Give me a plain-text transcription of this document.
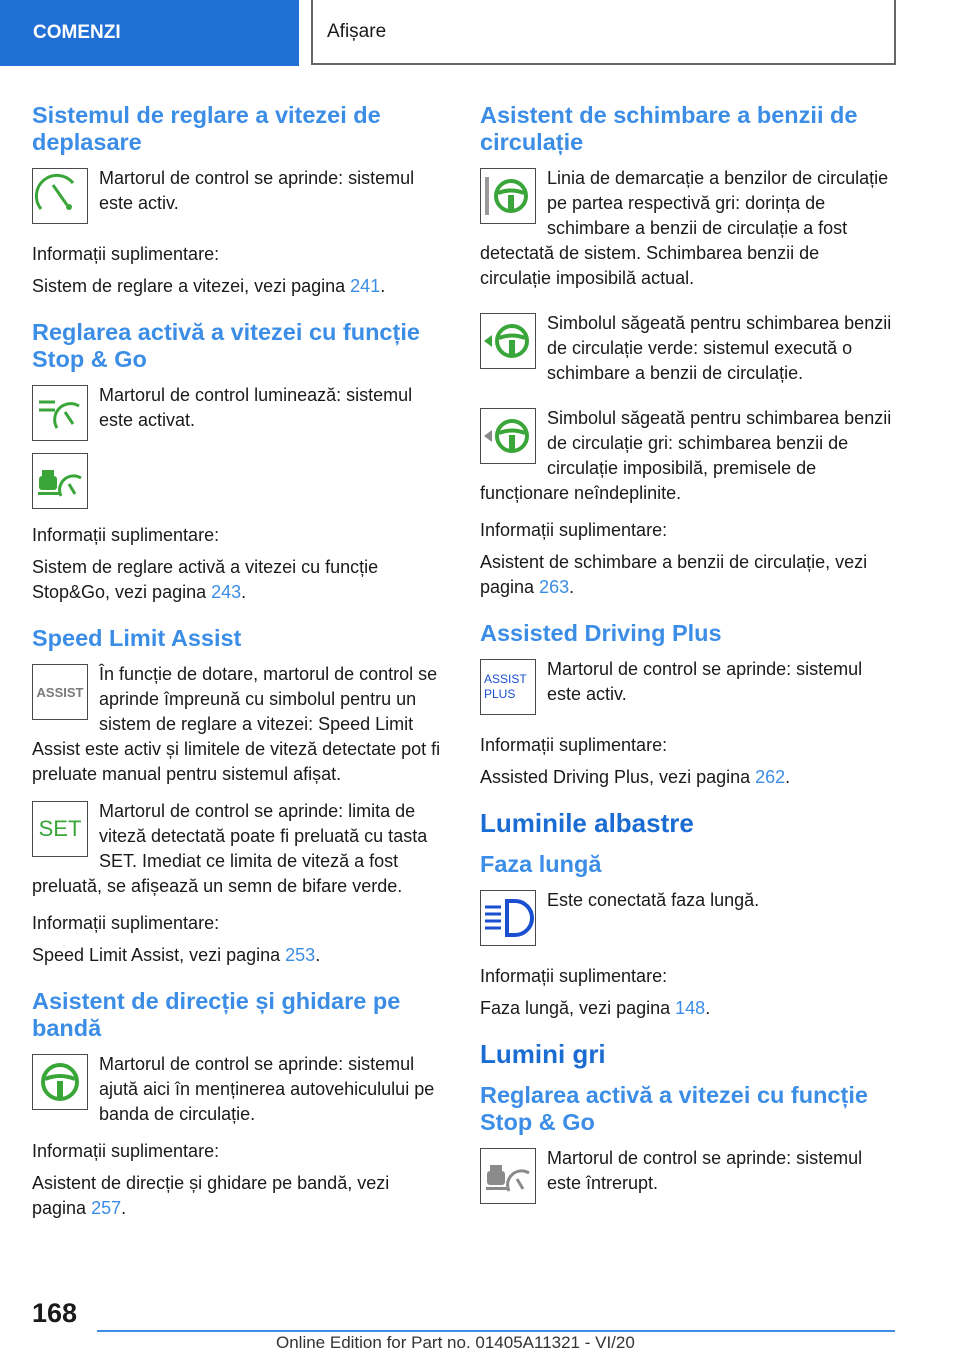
COMENZI	Afișare
Sistemul de reglare a vitezei de deplasare

Martorul de control se aprinde: sistemul este activ.

Informații suplimentare:

Sistem de reglare a vitezei, vezi pagina 241.

Reglarea activă a vitezei cu funcție Stop & Go

Martorul de control luminează: sistemul este activat.

Informații suplimentare:

Sistem de reglare activă a vitezei cu funcție Stop&Go, vezi pagina 243.

Speed Limit Assist
ASSIST

În funcție de dotare, martorul de control se aprinde împreună cu simbolul pentru un sistem de reglare a vitezei: Speed Limit Assist este activ și limitele de viteză detectate pot fi preluate manual pentru sistemul afișat.

SET

Martorul de control se aprinde: limita de viteză detectată poate fi preluată cu tasta SET. Imediat ce limita de viteză a fost preluată, se afișează un semn de bifare verde.

Informații suplimentare:

Speed Limit Assist, vezi pagina 253.

Asistent de direcție și ghidare pe bandă

Martorul de control se aprinde: sistemul ajută aici în menținerea autovehiculului pe banda de circulație.

Informații suplimentare:

Asistent de direcție și ghidare pe bandă, vezi pagina 257.

Asistent de schimbare a benzii de circulație

Linia de demarcație a benzilor de circulație pe partea respectivă gri: dorința de schimbare a benzii de circulație a fost detectată de sistem. Schimbarea benzii de circulație imposibilă actual.

Simbolul săgeată pentru schimbarea benzii de circulație verde: sistemul execută o schimbare a benzii de circulație.

Simbolul săgeată pentru schimbarea benzii de circulație gri: schimbarea benzii de circulație imposibilă, premisele de funcționare neîndeplinite.

Informații suplimentare:

Asistent de schimbare a benzii de circulație, vezi pagina 263.

Assisted Driving Plus
ASSIST
PLUS

Martorul de control se aprinde: sistemul este activ.

Informații suplimentare:

Assisted Driving Plus, vezi pagina 262.

Luminile albastre
Faza lungă

Este conectată faza lungă.

Informații suplimentare:

Faza lungă, vezi pagina 148.

Lumini gri
Reglarea activă a vitezei cu funcție Stop & Go

Martorul de control se aprinde: sistemul este întrerupt.

168
Online Edition for Part no. 01405A11321 - VI/20
